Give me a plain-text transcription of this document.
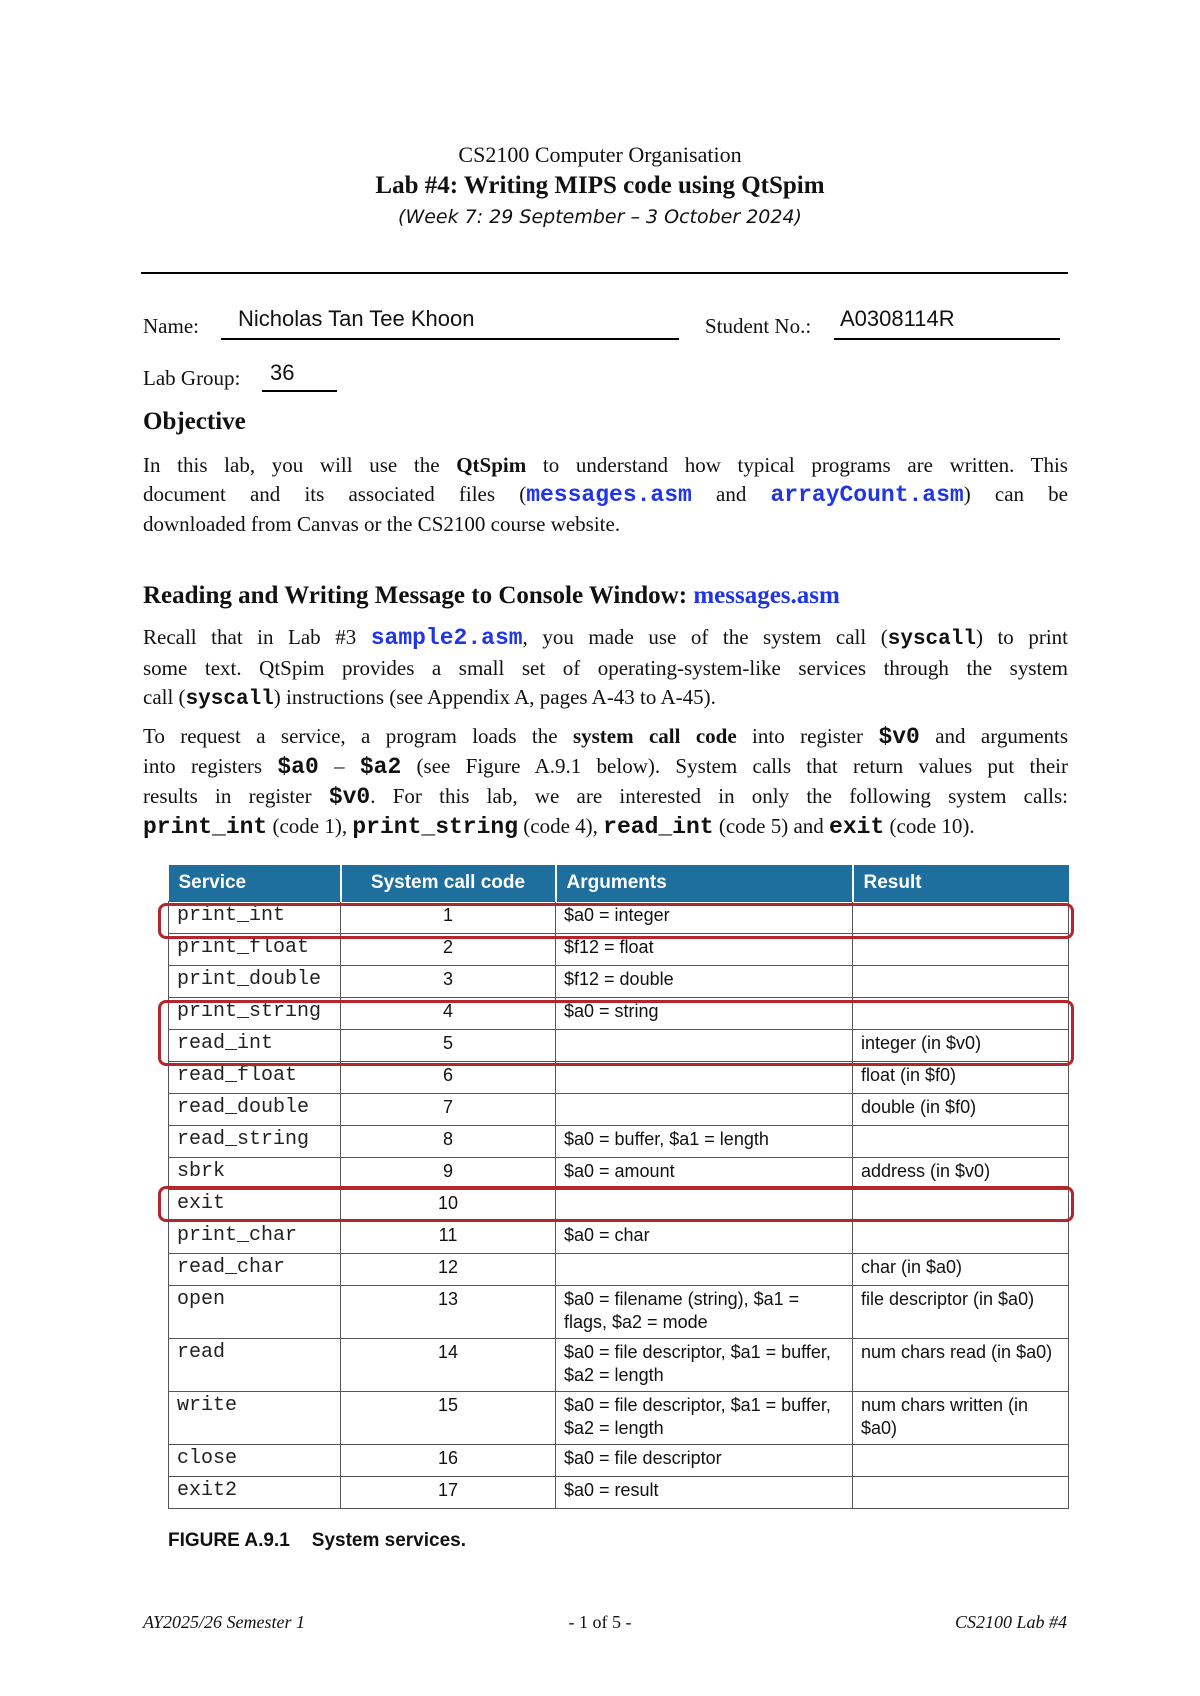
CS2100 Computer Organisation
Lab #4: Writing MIPS code using QtSpim
(Week 7: 29 September – 3 October 2024)
Name: Nicholas Tan Tee Khoon	Student No.: A0308114R
Lab Group: 36
Objective
In this lab, you will use the QtSpim to understand how typical programs are written. This
document and its associated files (messages.asm and arrayCount.asm) can be
downloaded from Canvas or the CS2100 course website.
Reading and Writing Message to Console Window: messages.asm
Recall that in Lab #3 sample2.asm, you made use of the system call (syscall) to print
some text. QtSpim provides a small set of operating-system-like services through the system
call (syscall) instructions (see Appendix A, pages A-43 to A-45).
To request a service, a program loads the system call code into register $v0 and arguments
into registers $a0 – $a2 (see Figure A.9.1 below). System calls that return values put their
results in register $v0. For this lab, we are interested in only the following system calls:
print_int (code 1), print_string (code 4), read_int (code 5) and exit (code 10).
Service	System call code	Arguments	Result
print_int	1	$a0 = integer	
print_float	2	$f12 = float	
print_double	3	$f12 = double	
print_string	4	$a0 = string	
read_int	5		integer (in $v0)
read_float	6		float (in $f0)
read_double	7		double (in $f0)
read_string	8	$a0 = buffer, $a1 = length	
sbrk	9	$a0 = amount	address (in $v0)
exit	10		
print_char	11	$a0 = char	
read_char	12		char (in $a0)
open	13	$a0 = filename (string), $a1 = flags, $a2 = mode	file descriptor (in $a0)
read	14	$a0 = file descriptor, $a1 = buffer, $a2 = length	num chars read (in $a0)
write	15	$a0 = file descriptor, $a1 = buffer, $a2 = length	num chars written (in $a0)
close	16	$a0 = file descriptor	
exit2	17	$a0 = result	
FIGURE A.9.1 System services.
AY2025/26 Semester 1	- 1 of 5 -	CS2100 Lab #4
